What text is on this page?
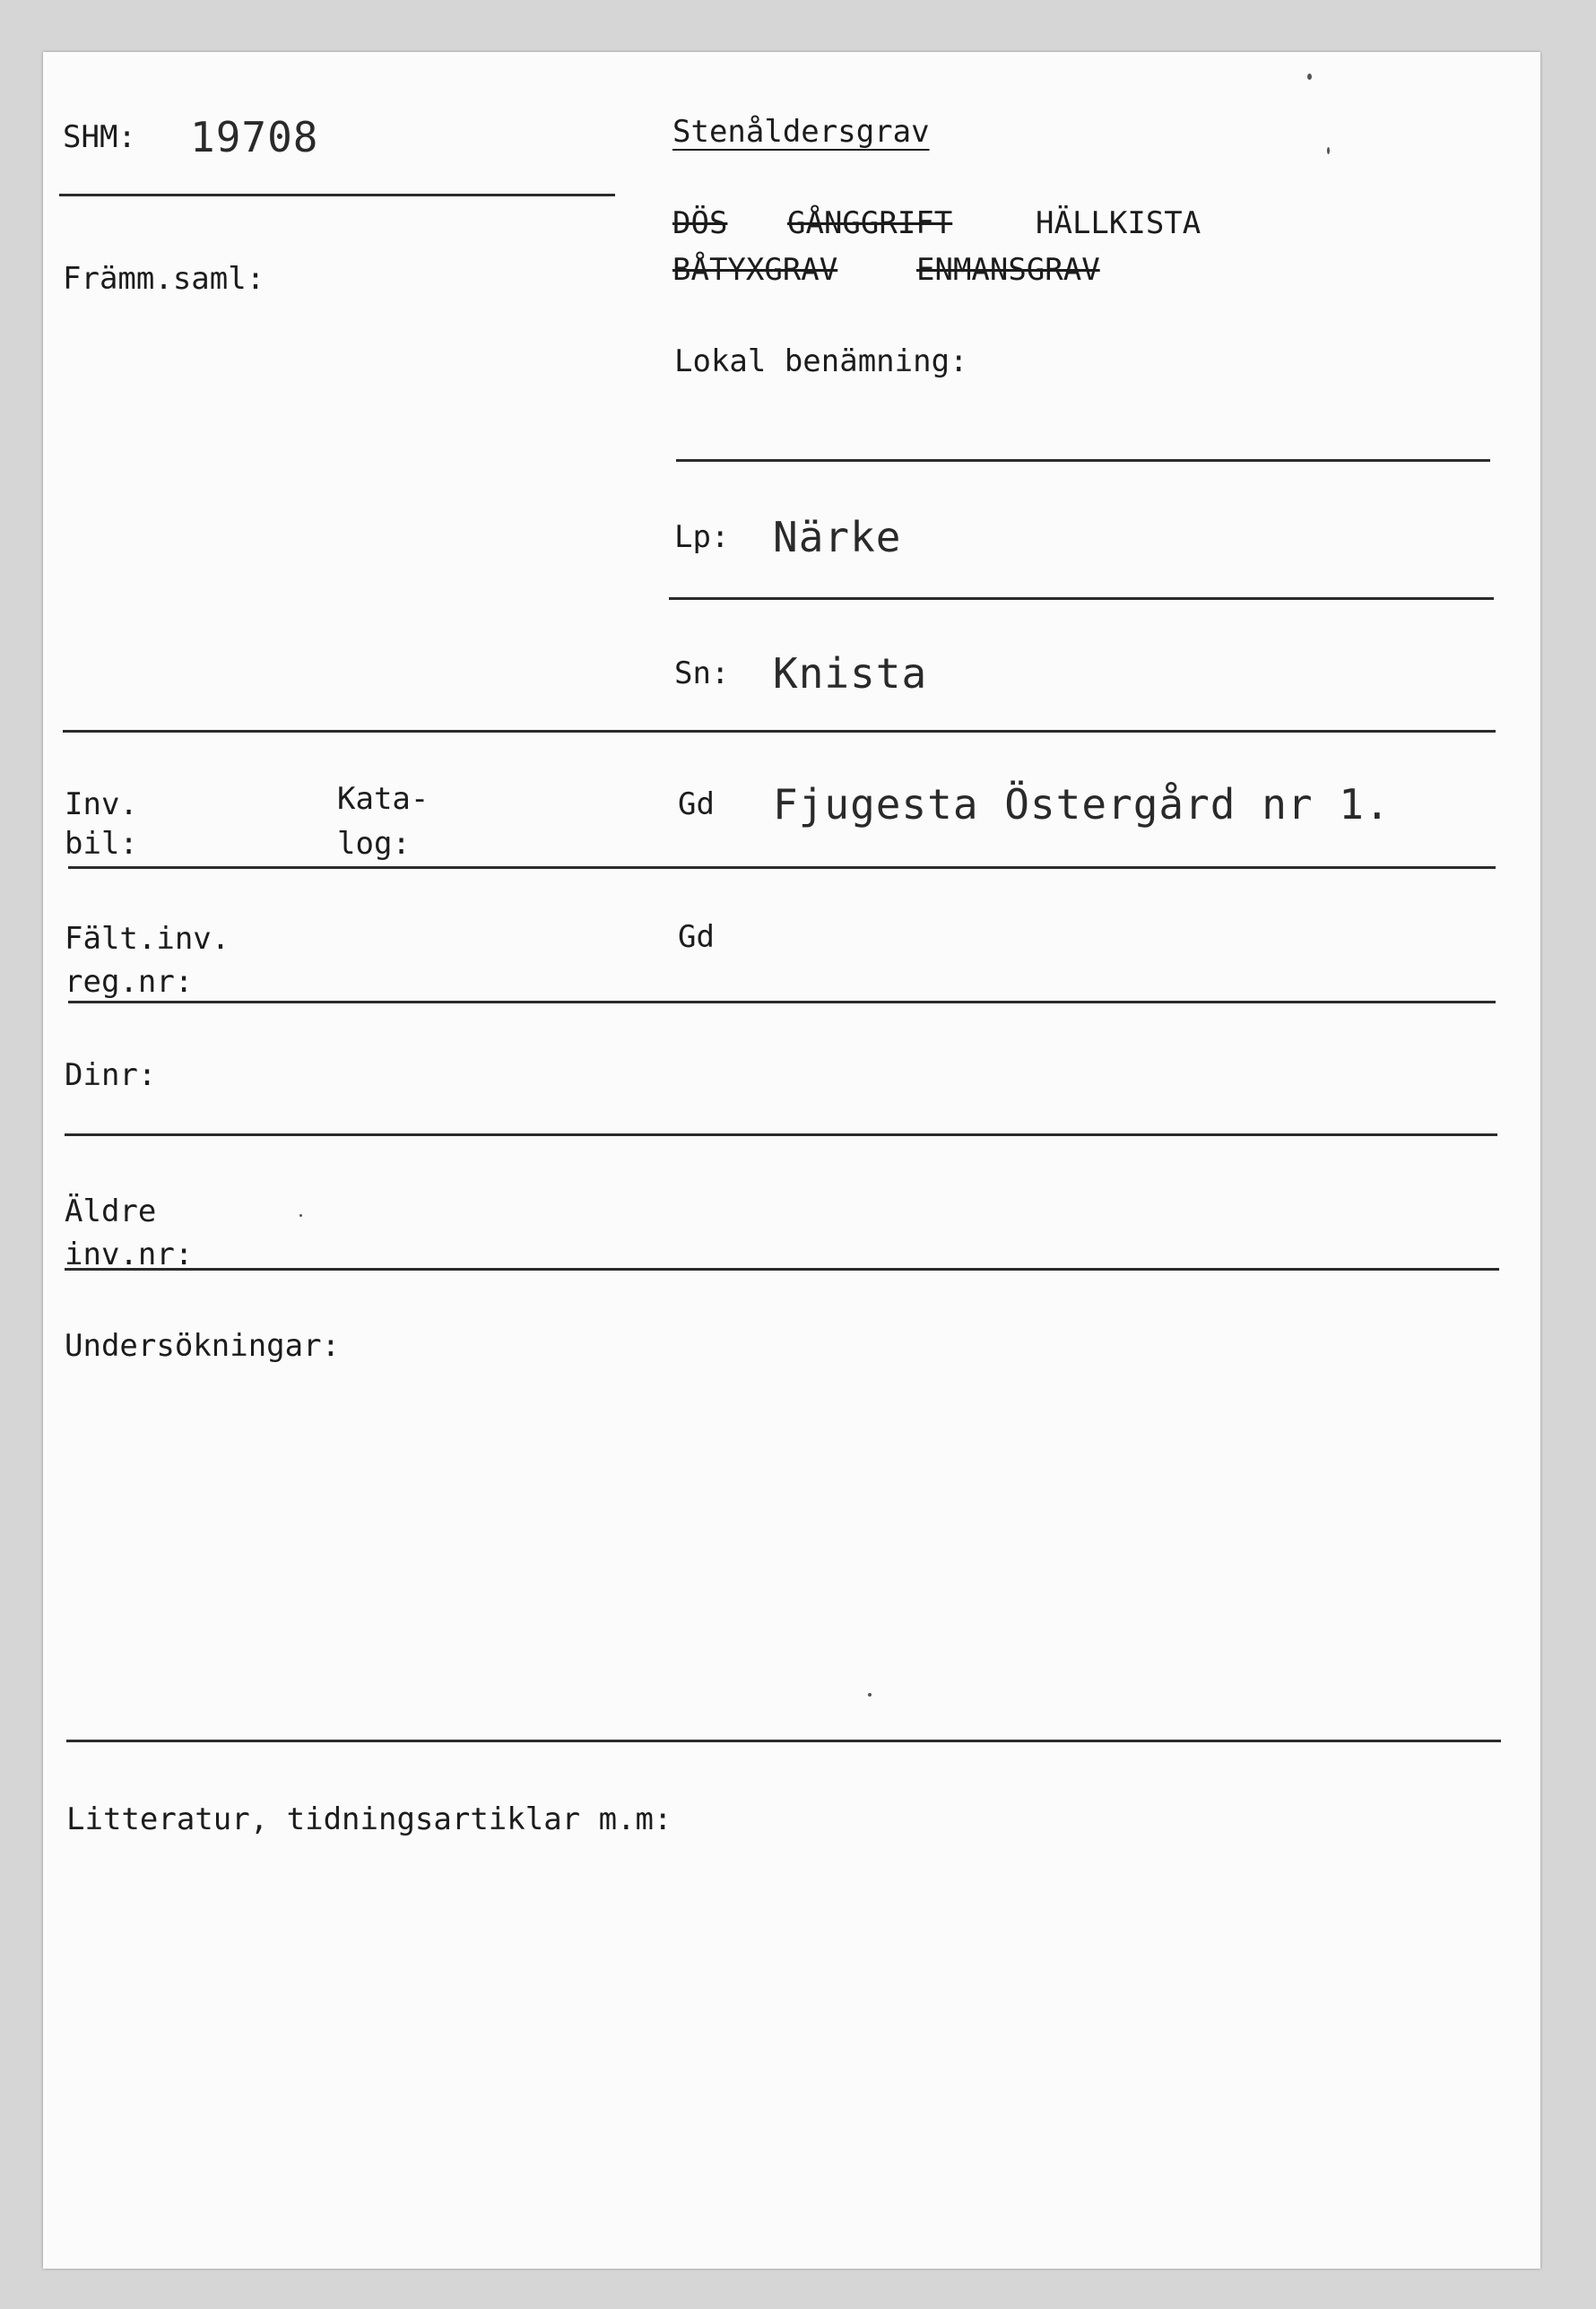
SHM: 19708	Stenåldersgrav
DÖS GÅNGGRIFT	HÄLLKISTA
BÅTYXGRAV	ENMANSGRAV
Främm.saml:
Lokal benämning:
Lp: Närke
Sn: Knista
Inv.
bil:
Kata-
log:
Gd Fjugesta Östergård nr 1.
Fält.inv.
reg.nr:
Gd
Dinr:
Äldre
inv.nr:
Undersökningar:
Litteratur, tidningsartiklar m.m:
